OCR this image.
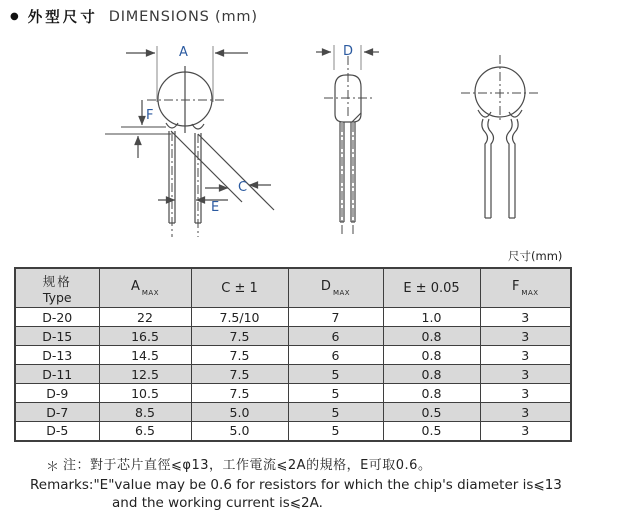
● 外型尺寸 DIMENSIONS (mm)
A
F
C
E
D
尺寸(mm)
规格
Type	A $_{MAX}$	C ± 1	D $_{MAX}$	E ± 0.05	F $_{MAX}$
D-20	22	7.5/10	7	1.0	3
D-15	16.5	7.5	6	0.8	3
D-13	14.5	7.5	6	0.8	3
D-11	12.5	7.5	5	0.8	3
D-9	10.5	7.5	5	0.8	3
D-7	8.5	5.0	5	0.5	3
D-5	6.5	5.0	5	0.5	3
＊ 注：對于芯片直徑⩽φ13，工作電流⩽2A的規格，E可取0.6。
Remarks:"E"value may be 0.6 for resistors for which the chip's diameter is⩽13
and the working current is⩽2A.
